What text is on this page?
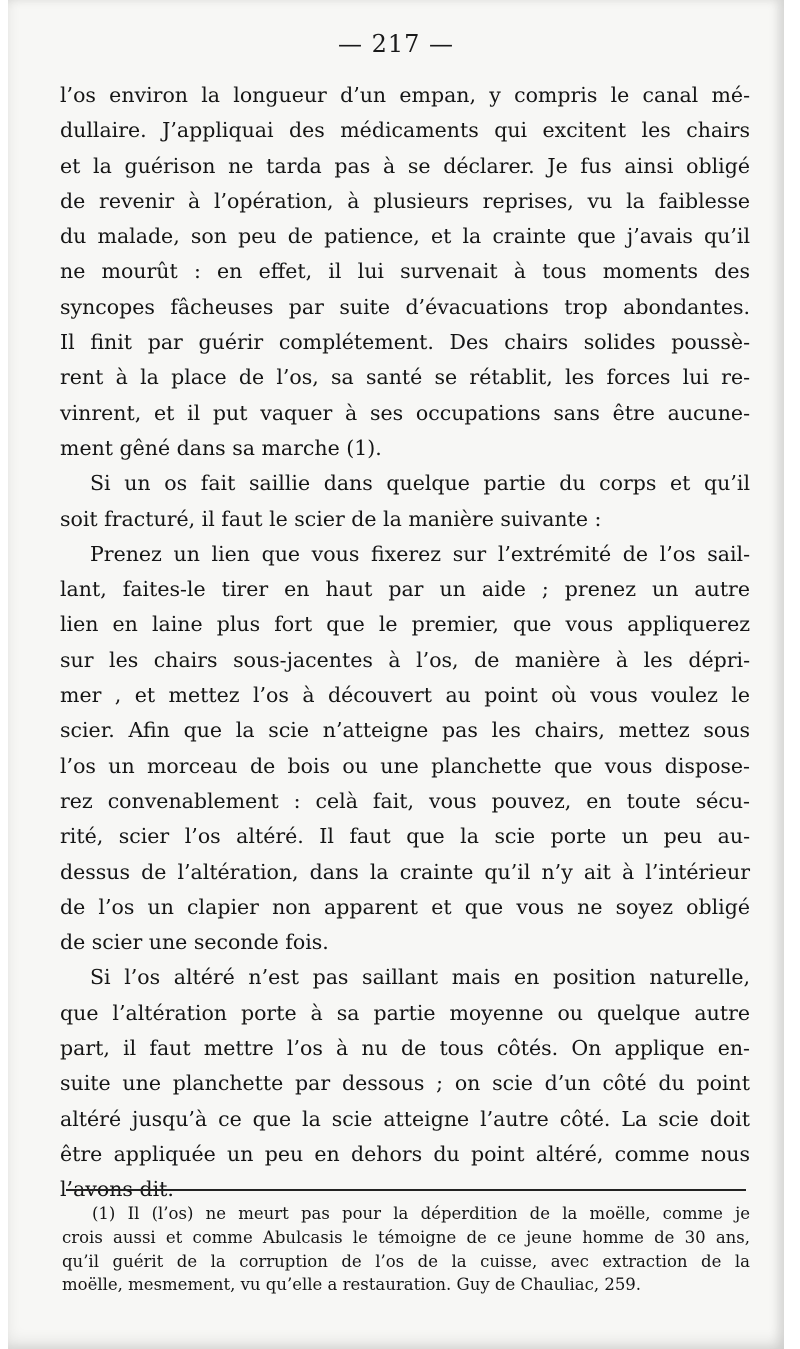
— 217 —

l’os environ la longueur d’un empan, y compris le canal mé-
dullaire. J’appliquai des médicaments qui excitent les chairs
et la guérison ne tarda pas à se déclarer. Je fus ainsi obligé
de revenir à l’opération, à plusieurs reprises, vu la faiblesse
du malade, son peu de patience, et la crainte que j’avais qu’il
ne mourût : en effet, il lui survenait à tous moments des
syncopes fâcheuses par suite d’évacuations trop abondantes.
Il finit par guérir complétement. Des chairs solides poussè-
rent à la place de l’os, sa santé se rétablit, les forces lui re-
vinrent, et il put vaquer à ses occupations sans être aucune-
ment gêné dans sa marche (1).

Si un os fait saillie dans quelque partie du corps et qu’il
soit fracturé, il faut le scier de la manière suivante :

Prenez un lien que vous fixerez sur l’extrémité de l’os sail-
lant, faites-le tirer en haut par un aide ; prenez un autre
lien en laine plus fort que le premier, que vous appliquerez
sur les chairs sous-jacentes à l’os, de manière à les dépri-
mer , et mettez l’os à découvert au point où vous voulez le
scier. Afin que la scie n’atteigne pas les chairs, mettez sous
l’os un morceau de bois ou une planchette que vous dispose-
rez convenablement : celà fait, vous pouvez, en toute sécu-
rité, scier l’os altéré. Il faut que la scie porte un peu au-
dessus de l’altération, dans la crainte qu’il n’y ait à l’intérieur
de l’os un clapier non apparent et que vous ne soyez obligé
de scier une seconde fois.

Si l’os altéré n’est pas saillant mais en position naturelle,
que l’altération porte à sa partie moyenne ou quelque autre
part, il faut mettre l’os à nu de tous côtés. On applique en-
suite une planchette par dessous ; on scie d’un côté du point
altéré jusqu’à ce que la scie atteigne l’autre côté. La scie doit
être appliquée un peu en dehors du point altéré, comme nous
l’avons dit.

(1) Il (l’os) ne meurt pas pour la déperdition de la moëlle, comme je
crois aussi et comme Abulcasis le témoigne de ce jeune homme de 30 ans,
qu’il guérit de la corruption de l’os de la cuisse, avec extraction de la
moëlle, mesmement, vu qu’elle a restauration. Guy de Chauliac, 259.
